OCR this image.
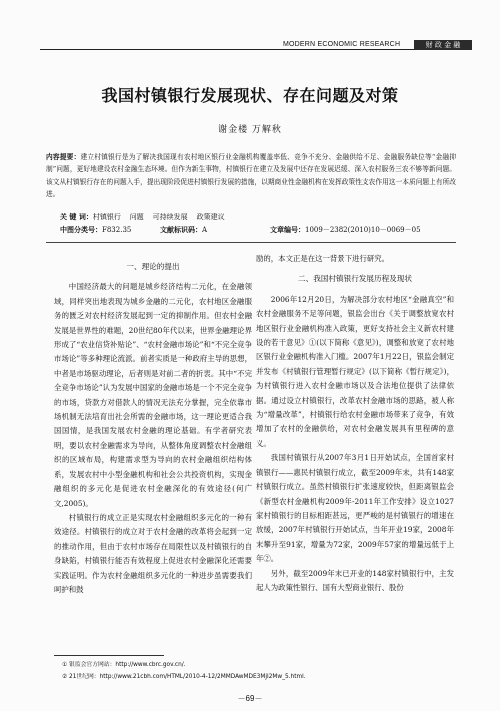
MODERN ECONOMIC RESEARCH	财 政 金 融
我国村镇银行发展现状、存在问题及对策
谢金楼 万解秋
内容提要：建立村镇银行是为了解决我国现有农村地区银行业金融机构覆盖率低、竞争不充分、金融供给不足、金融服务缺位等“金融抑制”问题，更好地建设农村金融生态环境。但作为新生事物，村镇银行在建立及发展中还存在发展迟缓、深入农村服务三农不够等新问题。该文从村镇银行存在的问题入手，提出现阶段促进村镇银行发展的措施，以期商业性金融机构在发挥政策性支农作用这一本质问题上有所改进。
关 键 词：村镇银行    问题    可持续发展    政策建议
中图分类号：F832.35	文献标识码：A	文章编号：1009－2382(2010)10－0069－05
一、理论的提出

中国经济最大的问题是城乡经济结构二元化，在金融领域，同样突出地表现为城乡金融的二元化，农村地区金融服务的匮乏对农村经济发展起到一定的抑制作用。但农村金融发展是世界性的难题，20世纪80年代以来，世界金融理论界形成了“农业信贷补贴论”、“农村金融市场论”和“不完全竞争市场论”等多种理论流派。前者实质是一种政府主导的思想，中者是市场驱动理论，后者则是对前二者的折衷。其中“不完全竞争市场论”认为发展中国家的金融市场是一个不完全竞争的市场，贷款方对借款人的情况无法充分掌握，完全依靠市场机制无法培育出社会所需的金融市场，这一理论更适合我国国情，是我国发展农村金融的理论基础。有学者研究表明，要以农村金融需求为导向，从整体角度调整农村金融组织的区域布局，构建需求型为导向的农村金融组织结构体系，发展农村中小型金融机构和社会公共投资机构，实现金融组织的多元化是促进农村金融深化的有效途径(何广文,2005)。

村镇银行的成立正是实现农村金融组织多元化的一种有效途径。村镇银行的成立对于农村金融的改革将会起到一定的推动作用，但由于农村市场存在局限性以及村镇银行的自身缺陷，村镇银行能否有效程度上促进农村金融深化还需要实践证明。作为农村金融组织多元化的一种进步虽需要我们呵护和鼓

励的，本文正是在这一背景下进行研究。

二、我国村镇银行发展历程及现状

2006年12月20日，为解决部分农村地区“金融真空”和农村金融服务不足等问题，银监会出台《关于调整放宽农村地区银行业金融机构准入政策，更好支持社会主义新农村建设的若干意见》①(以下简称《意见》)，调整和放宽了农村地区银行业金融机构准入门槛。2007年1月22日，银监会制定并发布《村镇银行管理暂行规定》(以下简称《暂行规定》)，为村镇银行进入农村金融市场以及合法地位提供了法律依据。通过设立村镇银行，改革农村金融市场的思路，被人称为“增量改革”，村镇银行给农村金融市场带来了竞争，有效增加了农村的金融供给，对农村金融发展具有里程碑的意义。

我国村镇银行从2007年3月1日开始试点，全国首家村镇银行——惠民村镇银行成立，截至2009年末，共有148家村镇银行成立。虽然村镇银行扩张速度较快，但距离银监会《新型农村金融机构2009年-2011年工作安排》设立1027家村镇银行的目标相距甚远，更严峻的是村镇银行的增速在放缓，2007年村镇银行开始试点，当年开业19家，2008年末攀升至91家，增量为72家，2009年57家的增量远低于上年②。

另外，截至2009年末已开业的148家村镇银行中，主发起人为政策性银行、国有大型商业银行、股份

① 银监会官方网站：http://www.cbrc.gov.cn/.
② 21世纪网：http://www.21cbh.com/HTML/2010-4-12/2MMDAwMDE3MjI2Mw_5.html.
－69－
